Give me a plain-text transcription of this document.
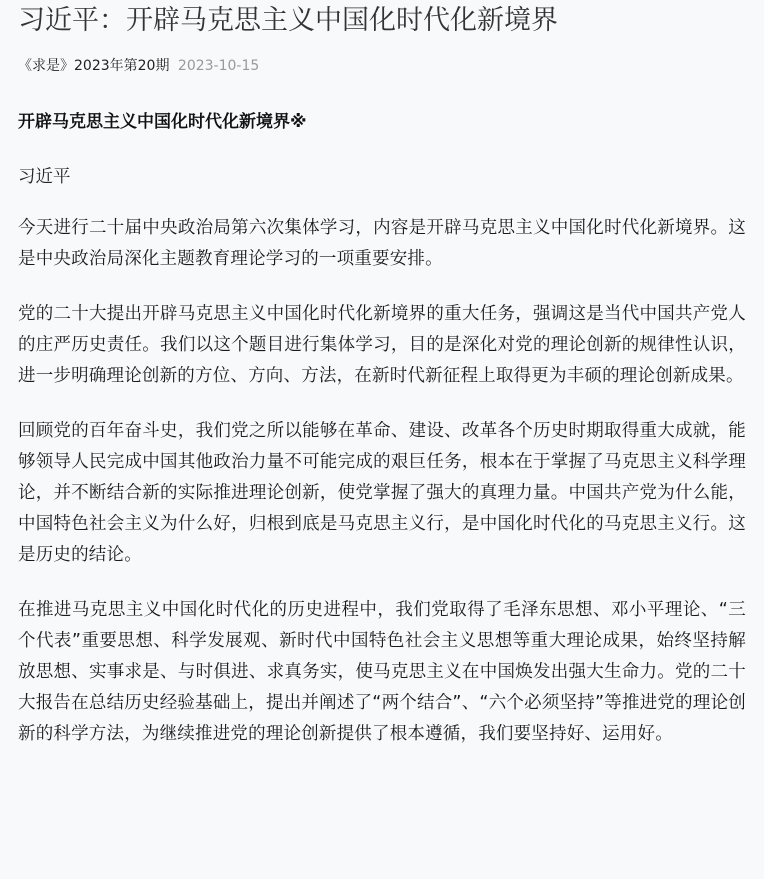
习近平：开辟马克思主义中国化时代化新境界
《求是》2023年第20期 2023-10-15
开辟马克思主义中国化时代化新境界※

习近平

今天进行二十届中央政治局第六次集体学习，内容是开辟马克思主义中国化时代化新境界。这是中央政治局深化主题教育理论学习的一项重要安排。

党的二十大提出开辟马克思主义中国化时代化新境界的重大任务，强调这是当代中国共产党人的庄严历史责任。我们以这个题目进行集体学习，目的是深化对党的理论创新的规律性认识，进一步明确理论创新的方位、方向、方法，在新时代新征程上取得更为丰硕的理论创新成果。

回顾党的百年奋斗史，我们党之所以能够在革命、建设、改革各个历史时期取得重大成就，能够领导人民完成中国其他政治力量不可能完成的艰巨任务，根本在于掌握了马克思主义科学理论，并不断结合新的实际推进理论创新，使党掌握了强大的真理力量。中国共产党为什么能，中国特色社会主义为什么好，归根到底是马克思主义行，是中国化时代化的马克思主义行。这是历史的结论。

在推进马克思主义中国化时代化的历史进程中，我们党取得了毛泽东思想、邓小平理论、“三个代表”重要思想、科学发展观、新时代中国特色社会主义思想等重大理论成果，始终坚持解放思想、实事求是、与时俱进、求真务实，使马克思主义在中国焕发出强大生命力。党的二十大报告在总结历史经验基础上，提出并阐述了“两个结合”、“六个必须坚持”等推进党的理论创新的科学方法，为继续推进党的理论创新提供了根本遵循，我们要坚持好、运用好。
